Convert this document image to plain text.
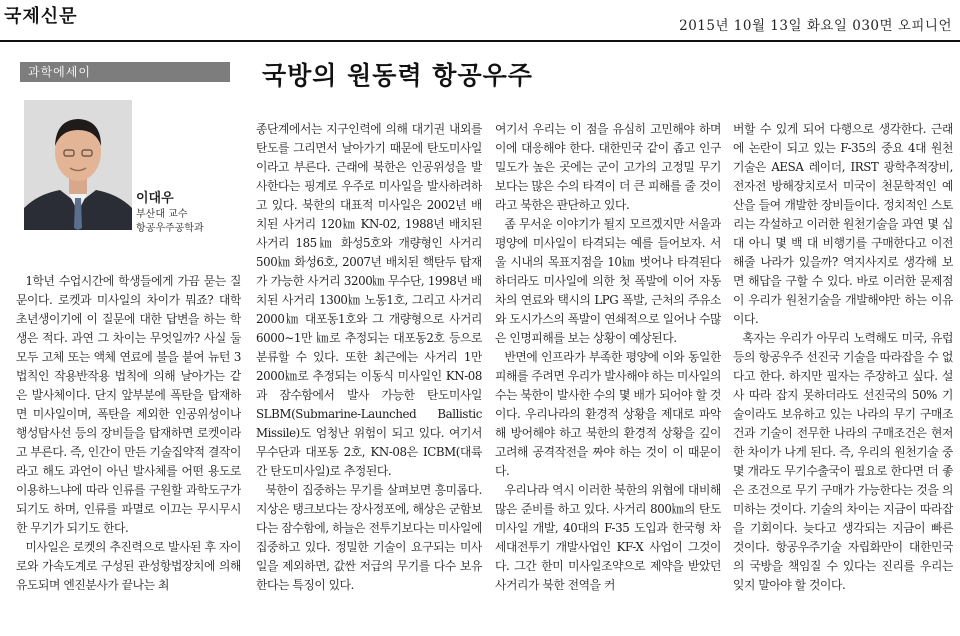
국제신문	2015년 10월 13일 화요일 030면 오피니언
과학에세이	국방의 원동력 항공우주
이대우
부산대 교수
항공우주공학과

1학년 수업시간에 학생들에게 가끔 묻는 질문이다. 로켓과 미사일의 차이가 뭐죠? 대학 초년생이기에 이 질문에 대한 답변을 하는 학생은 적다. 과연 그 차이는 무엇일까? 사실 둘 모두 고체 또는 액체 연료에 불을 붙여 뉴턴 3법칙인 작용반작용 법칙에 의해 날아가는 같은 발사체이다. 단지 앞부분에 폭탄을 탑재하면 미사일이며, 폭탄을 제외한 인공위성이나 행성탐사선 등의 장비들을 탑재하면 로켓이라고 부른다. 즉, 인간이 만든 기술집약적 결작이라고 해도 과언이 아닌 발사체를 어떤 용도로 이용하느냐에 따라 인류를 구원할 과학도구가 되기도 하며, 인류를 파멸로 이끄는 무시무시한 무기가 되기도 한다.

미사일은 로켓의 추진력으로 발사된 후 자이로와 가속도계로 구성된 관성항법장치에 의해 유도되며 엔진분사가 끝나는 최

종단계에서는 지구인력에 의해 대기권 내외를 탄도를 그리면서 날아가기 때문에 탄도미사일이라고 부른다. 근래에 북한은 인공위성을 발사한다는 핑계로 우주로 미사일을 발사하려하고 있다. 북한의 대표적 미사일은 2002년 배치된 사거리 120㎞ KN-02, 1988년 배치된 사거리 185㎞ 화성5호와 개량형인 사거리 500㎞ 화성6호, 2007년 배치된 핵탄두 탑재가 가능한 사거리 3200㎞ 무수단, 1998년 배치된 사거리 1300㎞ 노동1호, 그리고 사거리 2000㎞ 대포동1호와 그 개량형으로 사거리 6000∼1만 ㎞로 추정되는 대포동2호 등으로 분류할 수 있다. 또한 최근에는 사거리 1만 2000㎞로 추정되는 이동식 미사일인 KN-08과 잠수함에서 발사 가능한 탄도미사일 SLBM(Submarine-Launched Ballistic Missile)도 엄청난 위험이 되고 있다. 여기서 무수단과 대포동 2호, KN-08은 ICBM(대륙간 탄도미사일)로 추정된다.

북한이 집중하는 무기를 살펴보면 흥미롭다. 지상은 탱크보다는 장사정포에, 해상은 군함보다는 잠수함에, 하늘은 전투기보다는 미사일에 집중하고 있다. 정밀한 기술이 요구되는 미사일을 제외하면, 값싼 저급의 무기를 다수 보유한다는 특징이 있다.

여기서 우리는 이 점을 유심히 고민해야 하며 이에 대응해야 한다. 대한민국 같이 좁고 인구밀도가 높은 곳에는 군이 고가의 고정밀 무기보다는 많은 수의 타격이 더 큰 피해를 줄 것이라고 북한은 판단하고 있다.

좀 무서운 이야기가 될지 모르겠지만 서울과 평양에 미사일이 타격되는 예를 들어보자. 서울 시내의 목표지점을 10㎞ 벗어나 타격된다 하더라도 미사일에 의한 첫 폭발에 이어 자동차의 연료와 택시의 LPG 폭발, 근처의 주유소와 도시가스의 폭발이 연쇄적으로 일어나 수많은 인명피해를 보는 상황이 예상된다.

반면에 인프라가 부족한 평양에 이와 동일한 피해를 주려면 우리가 발사해야 하는 미사일의 수는 북한이 발사한 수의 몇 배가 되어야 할 것이다. 우리나라의 환경적 상황을 제대로 파악해 방어해야 하고 북한의 환경적 상황을 깊이 고려해 공격작전을 짜야 하는 것이 이 때문이다.

우리나라 역시 이러한 북한의 위협에 대비해 많은 준비를 하고 있다. 사거리 800㎞의 탄도미사일 개발, 40대의 F-35 도입과 한국형 차세대전투기 개발사업인 KF-X 사업이 그것이다. 그간 한미 미사일조약으로 제약을 받았던 사거리가 북한 전역을 커

버할 수 있게 되어 다행으로 생각한다. 근래에 논란이 되고 있는 F-35의 중요 4대 원천기술은 AESA 레이더, IRST 광학추적장비, 전자전 방해장치로서 미국이 천문학적인 예산을 들여 개발한 장비들이다. 정치적인 스토리는 각설하고 이러한 원천기술을 과연 몇 십 대 아니 몇 백 대 비행기를 구매한다고 이전해줄 나라가 있을까? 역지사지로 생각해 보면 해답을 구할 수 있다. 바로 이러한 문제점이 우리가 원천기술을 개발해야만 하는 이유이다.

혹자는 우리가 아무리 노력해도 미국, 유럽 등의 항공우주 선진국 기술을 따라잡을 수 없다고 한다. 하지만 필자는 주장하고 싶다. 설사 따라 잡지 못하더라도 선진국의 50% 기술이라도 보유하고 있는 나라의 무기 구매조건과 기술이 전무한 나라의 구매조건은 현저한 차이가 나게 된다. 즉, 우리의 원천기술 중 몇 개라도 무기수출국이 필요로 한다면 더 좋은 조건으로 무기 구매가 가능한다는 것을 의미하는 것이다. 기술의 차이는 지금이 따라잡을 기회이다. 늦다고 생각되는 지금이 빠른 것이다. 항공우주기술 자립화만이 대한민국의 국방을 책임질 수 있다는 진리를 우리는 잊지 말아야 할 것이다.
